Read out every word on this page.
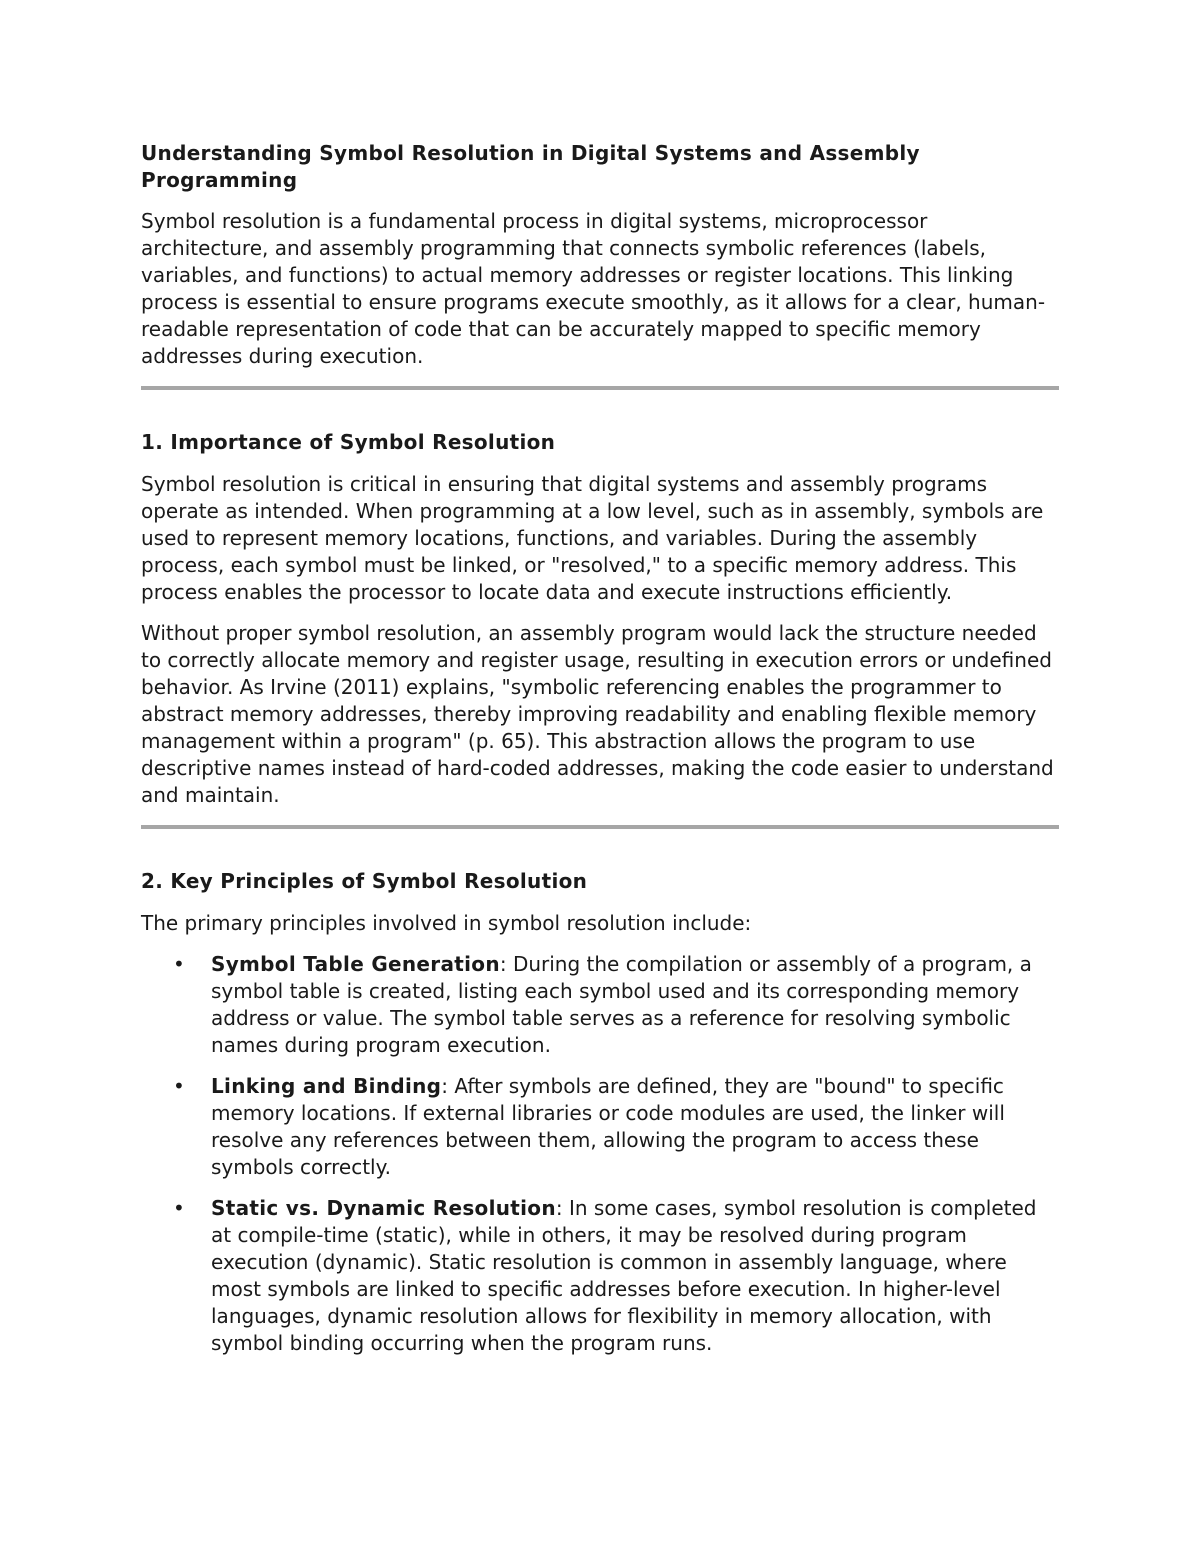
Understanding Symbol Resolution in Digital Systems and Assembly Programming

Symbol resolution is a fundamental process in digital systems, microprocessor architecture, and assembly programming that connects symbolic references (labels, variables, and functions) to actual memory addresses or register locations. This linking process is essential to ensure programs execute smoothly, as it allows for a clear, human-readable representation of code that can be accurately mapped to specific memory addresses during execution.

1. Importance of Symbol Resolution

Symbol resolution is critical in ensuring that digital systems and assembly programs operate as intended. When programming at a low level, such as in assembly, symbols are used to represent memory locations, functions, and variables. During the assembly process, each symbol must be linked, or "resolved," to a specific memory address. This process enables the processor to locate data and execute instructions efficiently.

Without proper symbol resolution, an assembly program would lack the structure needed to correctly allocate memory and register usage, resulting in execution errors or undefined behavior. As Irvine (2011) explains, "symbolic referencing enables the programmer to abstract memory addresses, thereby improving readability and enabling flexible memory management within a program" (p. 65). This abstraction allows the program to use descriptive names instead of hard-coded addresses, making the code easier to understand and maintain.

2. Key Principles of Symbol Resolution

The primary principles involved in symbol resolution include:

• Symbol Table Generation: During the compilation or assembly of a program, a symbol table is created, listing each symbol used and its corresponding memory address or value. The symbol table serves as a reference for resolving symbolic names during program execution.
• Linking and Binding: After symbols are defined, they are "bound" to specific memory locations. If external libraries or code modules are used, the linker will resolve any references between them, allowing the program to access these symbols correctly.
• Static vs. Dynamic Resolution: In some cases, symbol resolution is completed at compile-time (static), while in others, it may be resolved during program execution (dynamic). Static resolution is common in assembly language, where most symbols are linked to specific addresses before execution. In higher-level languages, dynamic resolution allows for flexibility in memory allocation, with symbol binding occurring when the program runs.
